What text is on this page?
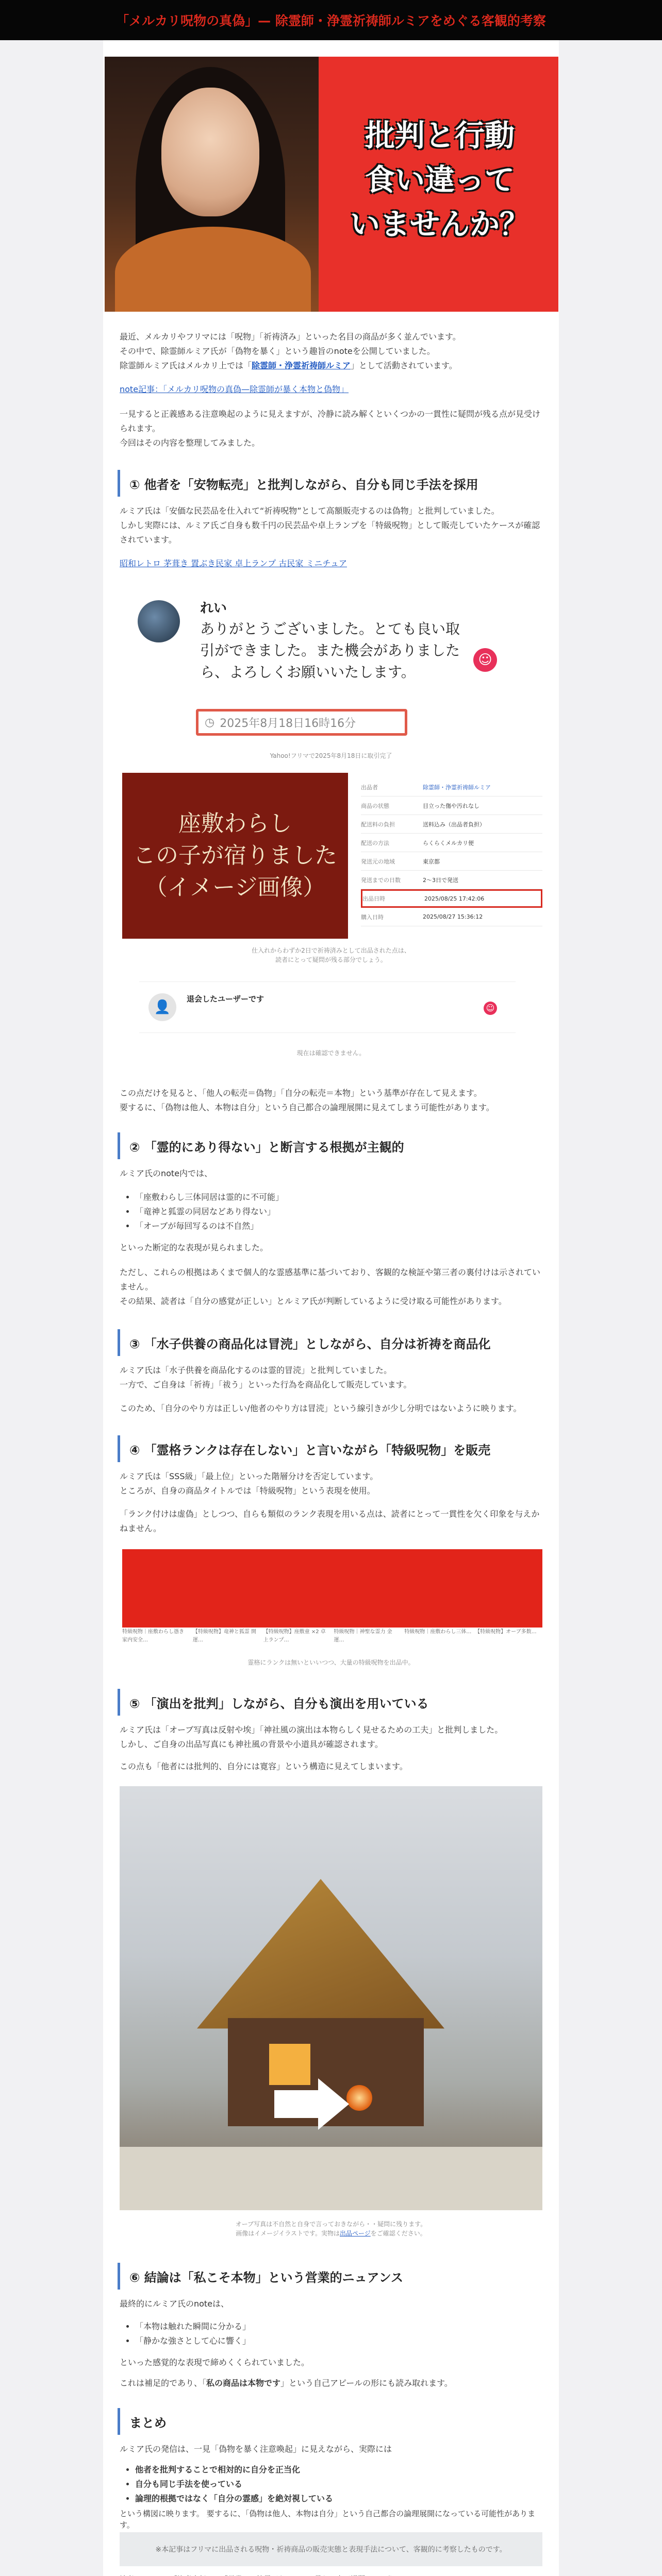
「メルカリ呪物の真偽」— 除霊師・浄霊祈祷師ルミアをめぐる客観的考察
批判と行動
食い違って
いませんか？
最近、メルカリやフリマには「呪物」「祈祷済み」といった名目の商品が多く並んでいます。
その中で、除霊師ルミア氏が「偽物を暴く」という趣旨のnoteを公開していました。
除霊師ルミア氏はメルカリ上では「除霊師・浄霊祈祷師ルミア」として活動されています。
note記事：「メルカリ呪物の真偽—除霊師が暴く本物と偽物」
一見すると正義感ある注意喚起のように見えますが、冷静に読み解くといくつかの一貫性に疑問が残る点が見受けられます。
今回はその内容を整理してみました。
① 他者を「安物転売」と批判しながら、自分も同じ手法を採用
ルミア氏は「安価な民芸品を仕入れて“祈祷呪物”として高額販売するのは偽物」と批判していました。
しかし実際には、ルミア氏ご自身も数千円の民芸品や卓上ランプを「特級呪物」として販売していたケースが確認されています。
昭和レトロ 茅葺き 置ぶき民家 卓上ランプ 古民家 ミニチュア
れい
ありがとうございました。とても良い取引ができました。また機会がありましたら、よろしくお願いいたします。
☺
◷ 2025年8月18日16時16分
Yahoo!フリマで2025年8月18日に取引完了
座敷わらし
この子が宿りました
（イメージ画像）
出品者	除霊師・浄霊祈祷師ルミア
商品の状態	目立った傷や汚れなし
配送料の負担	送料込み（出品者負担）
配送の方法	らくらくメルカリ便
発送元の地域	東京都
発送までの日数	2〜3日で発送
出品日時	2025/08/25 17:42:06
購入日時	2025/08/27 15:36:12
仕入れからわずか2日で祈祷済みとして出品された点は、
読者にとって疑問が残る部分でしょう。
👤
退会したユーザーです
☺
現在は確認できません。
この点だけを見ると、「他人の転売＝偽物」「自分の転売＝本物」という基準が存在して見えます。
要するに、「偽物は他人、本物は自分」という自己都合の論理展開に見えてしまう可能性があります。
② 「霊的にあり得ない」と断言する根拠が主観的
ルミア氏のnote内では、
• 「座敷わらし三体同居は霊的に不可能」
• 「竜神と狐霊の同居などあり得ない」
• 「オーブが毎回写るのは不自然」
といった断定的な表現が見られました。
ただし、これらの根拠はあくまで個人的な霊感基準に基づいており、客観的な検証や第三者の裏付けは示されていません。
その結果、読者は「自分の感覚が正しい」とルミア氏が判断しているように受け取る可能性があります。
③ 「水子供養の商品化は冒涜」としながら、自分は祈祷を商品化
ルミア氏は「水子供養を商品化するのは霊的冒涜」と批判していました。
一方で、ご自身は「祈祷」「祓う」といった行為を商品化して販売しています。
このため、「自分のやり方は正しい/他者のやり方は冒涜」という線引きが少し分明ではないように映ります。
④ 「霊格ランクは存在しない」と言いながら「特級呪物」を販売
ルミア氏は「SSS級」「最上位」といった階層分けを否定しています。
ところが、自身の商品タイトルでは「特級呪物」という表現を使用。
「ランク付けは虚偽」としつつ、自らも類似のランク表現を用いる点は、読者にとって一貫性を欠く印象を与えかねません。
特級呪物｜座敷わらし憑き 家内安全…
【特級呪物】竜神と狐霊 開運…
【特級呪物】座敷童 ×2 卓上ランプ…
特級呪物｜神聖な霊力 金運…
特級呪物｜座敷わらし三体… 【特級呪物】オーブ多数…
霊格にランクは無いといいつつ、大量の特級呪物を出品中。
⑤ 「演出を批判」しながら、自分も演出を用いている
ルミア氏は「オーブ写真は反射や埃」「神社風の演出は本物らしく見せるための工夫」と批判しました。
しかし、ご自身の出品写真にも神社風の背景や小道具が確認されます。
この点も「他者には批判的、自分には寛容」という構造に見えてしまいます。
オーブ写真は不自然と自身で言っておきながら・・疑問に残ります。
画像はイメージイラストです。実物は出品ページをご確認ください。
⑥ 結論は「私こそ本物」という営業的ニュアンス
最終的にルミア氏のnoteは、
• 「本物は触れた瞬間に分かる」
• 「静かな強さとして心に響く」
といった感覚的な表現で締めくくられていました。
これは補足的であり、「私の商品は本物です」という自己アピールの形にも読み取れます。
まとめ
ルミア氏の発信は、一見「偽物を暴く注意喚起」に見えながら、実際には
• 他者を批判することで相対的に自分を正当化
• 自分も同じ手法を使っている
• 論理的根拠ではなく「自分の霊感」を絶対視している
という構図に映ります。 要するに、「偽物は他人、本物は自分」という自己都合の論理展開になっている可能性があります。
※本記事はフリマに出品される呪物・祈祷商品の販売実態と表現手法について、客観的に考察したものです。
